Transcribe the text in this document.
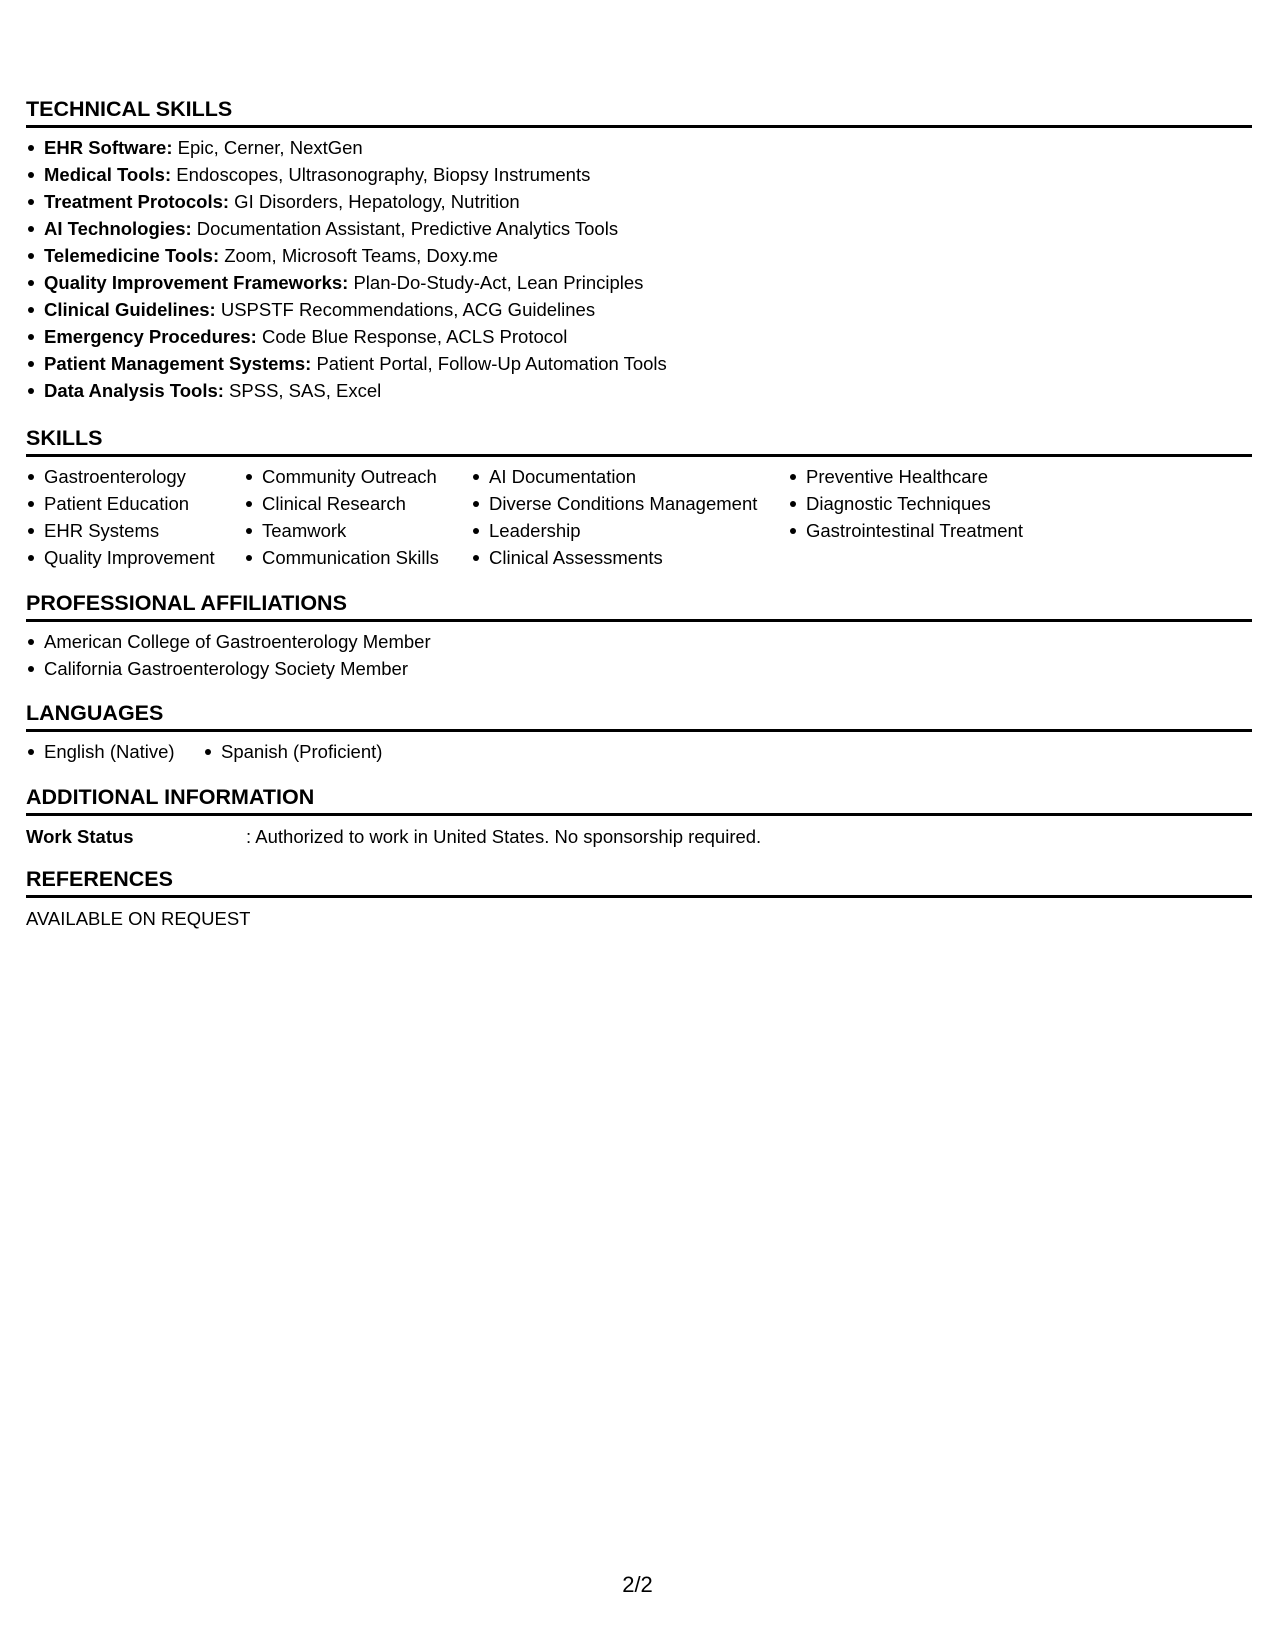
TECHNICAL SKILLS
EHR Software: Epic, Cerner, NextGen
Medical Tools: Endoscopes, Ultrasonography, Biopsy Instruments
Treatment Protocols: GI Disorders, Hepatology, Nutrition
AI Technologies: Documentation Assistant, Predictive Analytics Tools
Telemedicine Tools: Zoom, Microsoft Teams, Doxy.me
Quality Improvement Frameworks: Plan-Do-Study-Act, Lean Principles
Clinical Guidelines: USPSTF Recommendations, ACG Guidelines
Emergency Procedures: Code Blue Response, ACLS Protocol
Patient Management Systems: Patient Portal, Follow-Up Automation Tools
Data Analysis Tools: SPSS, SAS, Excel
SKILLS
Gastroenterology
Patient Education
EHR Systems
Quality Improvement
Community Outreach
Clinical Research
Teamwork
Communication Skills
AI Documentation
Diverse Conditions Management
Leadership
Clinical Assessments
Preventive Healthcare
Diagnostic Techniques
Gastrointestinal Treatment
PROFESSIONAL AFFILIATIONS
American College of Gastroenterology Member
California Gastroenterology Society Member
LANGUAGES
English (Native)	Spanish (Proficient)
ADDITIONAL INFORMATION
Work Status	: Authorized to work in United States. No sponsorship required.
REFERENCES
AVAILABLE ON REQUEST
2/2
